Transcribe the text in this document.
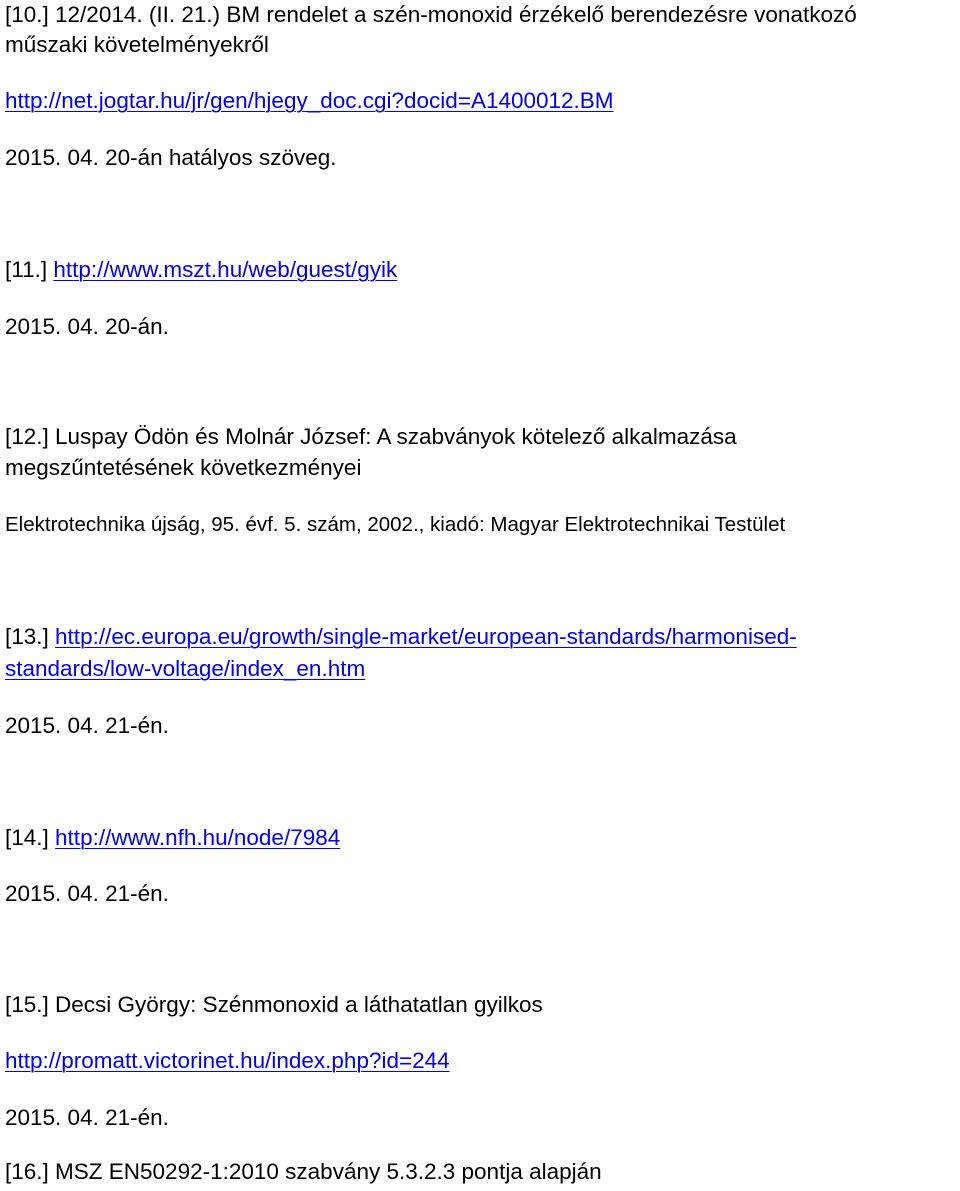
[10.] 12/2014. (II. 21.) BM rendelet a szén-monoxid érzékelő berendezésre vonatkozó

műszaki követelményekről

http://net.jogtar.hu/jr/gen/hjegy_doc.cgi?docid=A1400012.BM

2015. 04. 20-án hatályos szöveg.

[11.] http://www.mszt.hu/web/guest/gyik

2015. 04. 20-án.

[12.] Luspay Ödön és Molnár József: A szabványok kötelező alkalmazása

megszűntetésének következményei

Elektrotechnika újság, 95. évf. 5. szám, 2002., kiadó: Magyar Elektrotechnikai Testület

[13.] http://ec.europa.eu/growth/single-market/european-standards/harmonised-

standards/low-voltage/index_en.htm

2015. 04. 21-én.

[14.] http://www.nfh.hu/node/7984

2015. 04. 21-én.

[15.] Decsi György: Szénmonoxid a láthatatlan gyilkos

http://promatt.victorinet.hu/index.php?id=244

2015. 04. 21-én.

[16.] MSZ EN50292-1:2010 szabvány 5.3.2.3 pontja alapján
